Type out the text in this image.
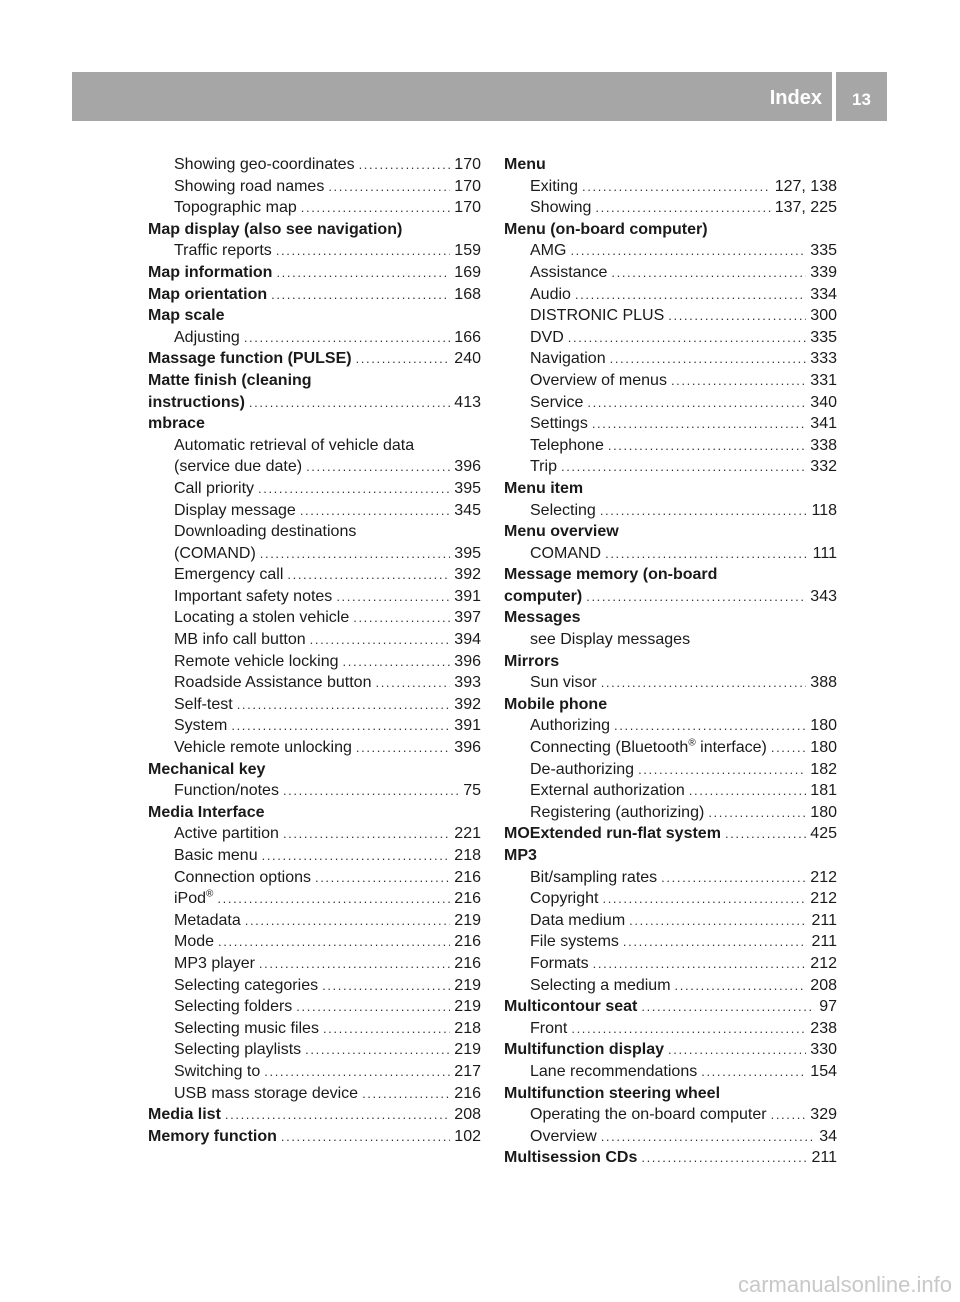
Index	13
Showing geo-coordinates . . .	170
Showing road names . . .	170
Topographic map . . .	170
Map display (also see navigation)
Traffic reports . . .	159
Map information . . .	169
Map orientation . . .	168
Map scale
Adjusting . . .	166
Massage function (PULSE) . . .	240
Matte finish (cleaning
instructions) . . .	413
mbrace
Automatic retrieval of vehicle data
(service due date) . . .	396
Call priority . . .	395
Display message . . .	345
Downloading destinations
(COMAND) . . .	395
Emergency call . . .	392
Important safety notes . . .	391
Locating a stolen vehicle . . .	397
MB info call button . . .	394
Remote vehicle locking . . .	396
Roadside Assistance button . . .	393
Self-test . . .	392
System . . .	391
Vehicle remote unlocking . . .	396
Mechanical key
Function/notes . . .	75
Media Interface
Active partition . . .	221
Basic menu . . .	218
Connection options . . .	216
iPod® . . .	216
Metadata . . .	219
Mode . . .	216
MP3 player . . .	216
Selecting categories . . .	219
Selecting folders . . .	219
Selecting music files . . .	218
Selecting playlists . . .	219
Switching to . . .	217
USB mass storage device . . .	216
Media list . . .	208
Memory function . . .	102
Menu
Exiting . . .	127, 138
Showing . . .	137, 225
Menu (on-board computer)
AMG . . .	335
Assistance . . .	339
Audio . . .	334
DISTRONIC PLUS . . .	300
DVD . . .	335
Navigation . . .	333
Overview of menus . . .	331
Service . . .	340
Settings . . .	341
Telephone . . .	338
Trip . . .	332
Menu item
Selecting . . .	118
Menu overview
COMAND . . .	111
Message memory (on-board
computer) . . .	343
Messages
see Display messages
Mirrors
Sun visor . . .	388
Mobile phone
Authorizing . . .	180
Connecting (Bluetooth® interface) . . .	180
De-authorizing . . .	182
External authorization . . .	181
Registering (authorizing) . . .	180
MOExtended run-flat system . . .	425
MP3
Bit/sampling rates . . .	212
Copyright . . .	212
Data medium . . .	211
File systems . . .	211
Formats . . .	212
Selecting a medium . . .	208
Multicontour seat . . .	97
Front . . .	238
Multifunction display . . .	330
Lane recommendations . . .	154
Multifunction steering wheel
Operating the on-board computer . . .	329
Overview . . .	34
Multisession CDs . . .	211
carmanualsonline.info
